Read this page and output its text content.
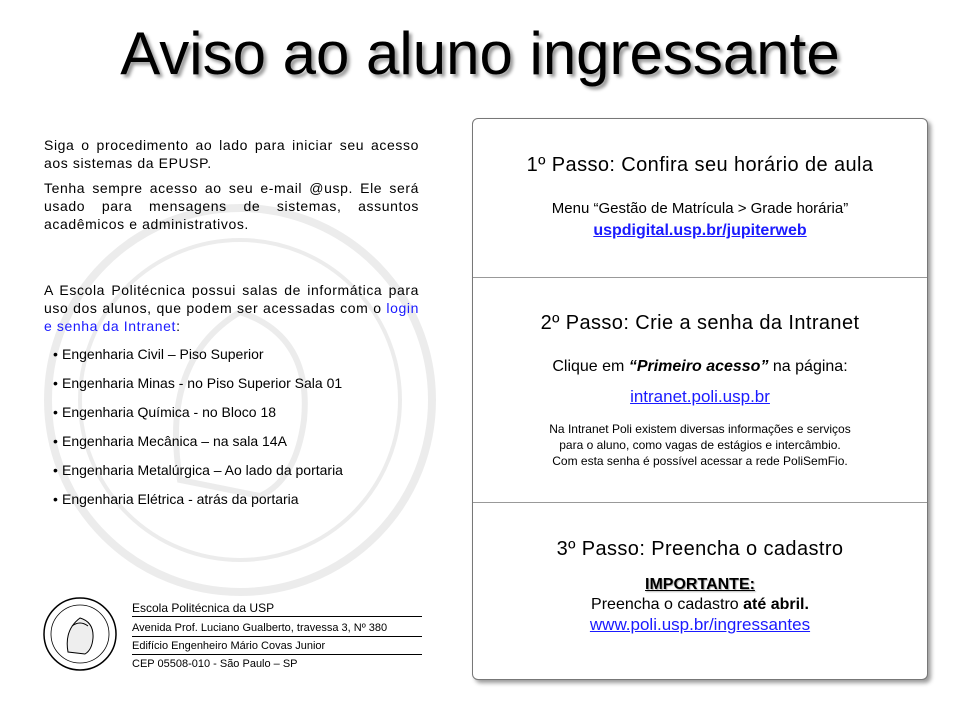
Aviso ao aluno ingressante

Siga o procedimento ao lado para iniciar seu acesso aos sistemas da EPUSP.

Tenha sempre acesso ao seu e-mail @usp. Ele será usado para mensagens de sistemas, assuntos acadêmicos e administrativos.

A Escola Politécnica possui salas de informática para uso dos alunos, que podem ser acessadas com o login e senha da Intranet:

• Engenharia Civil – Piso Superior
• Engenharia Minas - no Piso Superior Sala 01
• Engenharia Química - no Bloco 18
• Engenharia Mecânica – na sala 14A
• Engenharia Metalúrgica – Ao lado da portaria
• Engenharia Elétrica - atrás da portaria
Escola Politécnica da USP
Avenida Prof. Luciano Gualberto, travessa 3, Nº 380
Edifício Engenheiro Mário Covas Junior
CEP 05508-010 - São Paulo – SP
1º Passo: Confira seu horário de aula

Menu “Gestão de Matrícula > Grade horária”

uspdigital.usp.br/jupiterweb

2º Passo: Crie a senha da Intranet

Clique em “Primeiro acesso” na página:

intranet.poli.usp.br

Na Intranet Poli existem diversas informações e serviços

para o aluno, como vagas de estágios e intercâmbio.

Com esta senha é possível acessar a rede PoliSemFio.

3º Passo: Preencha o cadastro

IMPORTANTE:

Preencha o cadastro até abril.

www.poli.usp.br/ingressantes
